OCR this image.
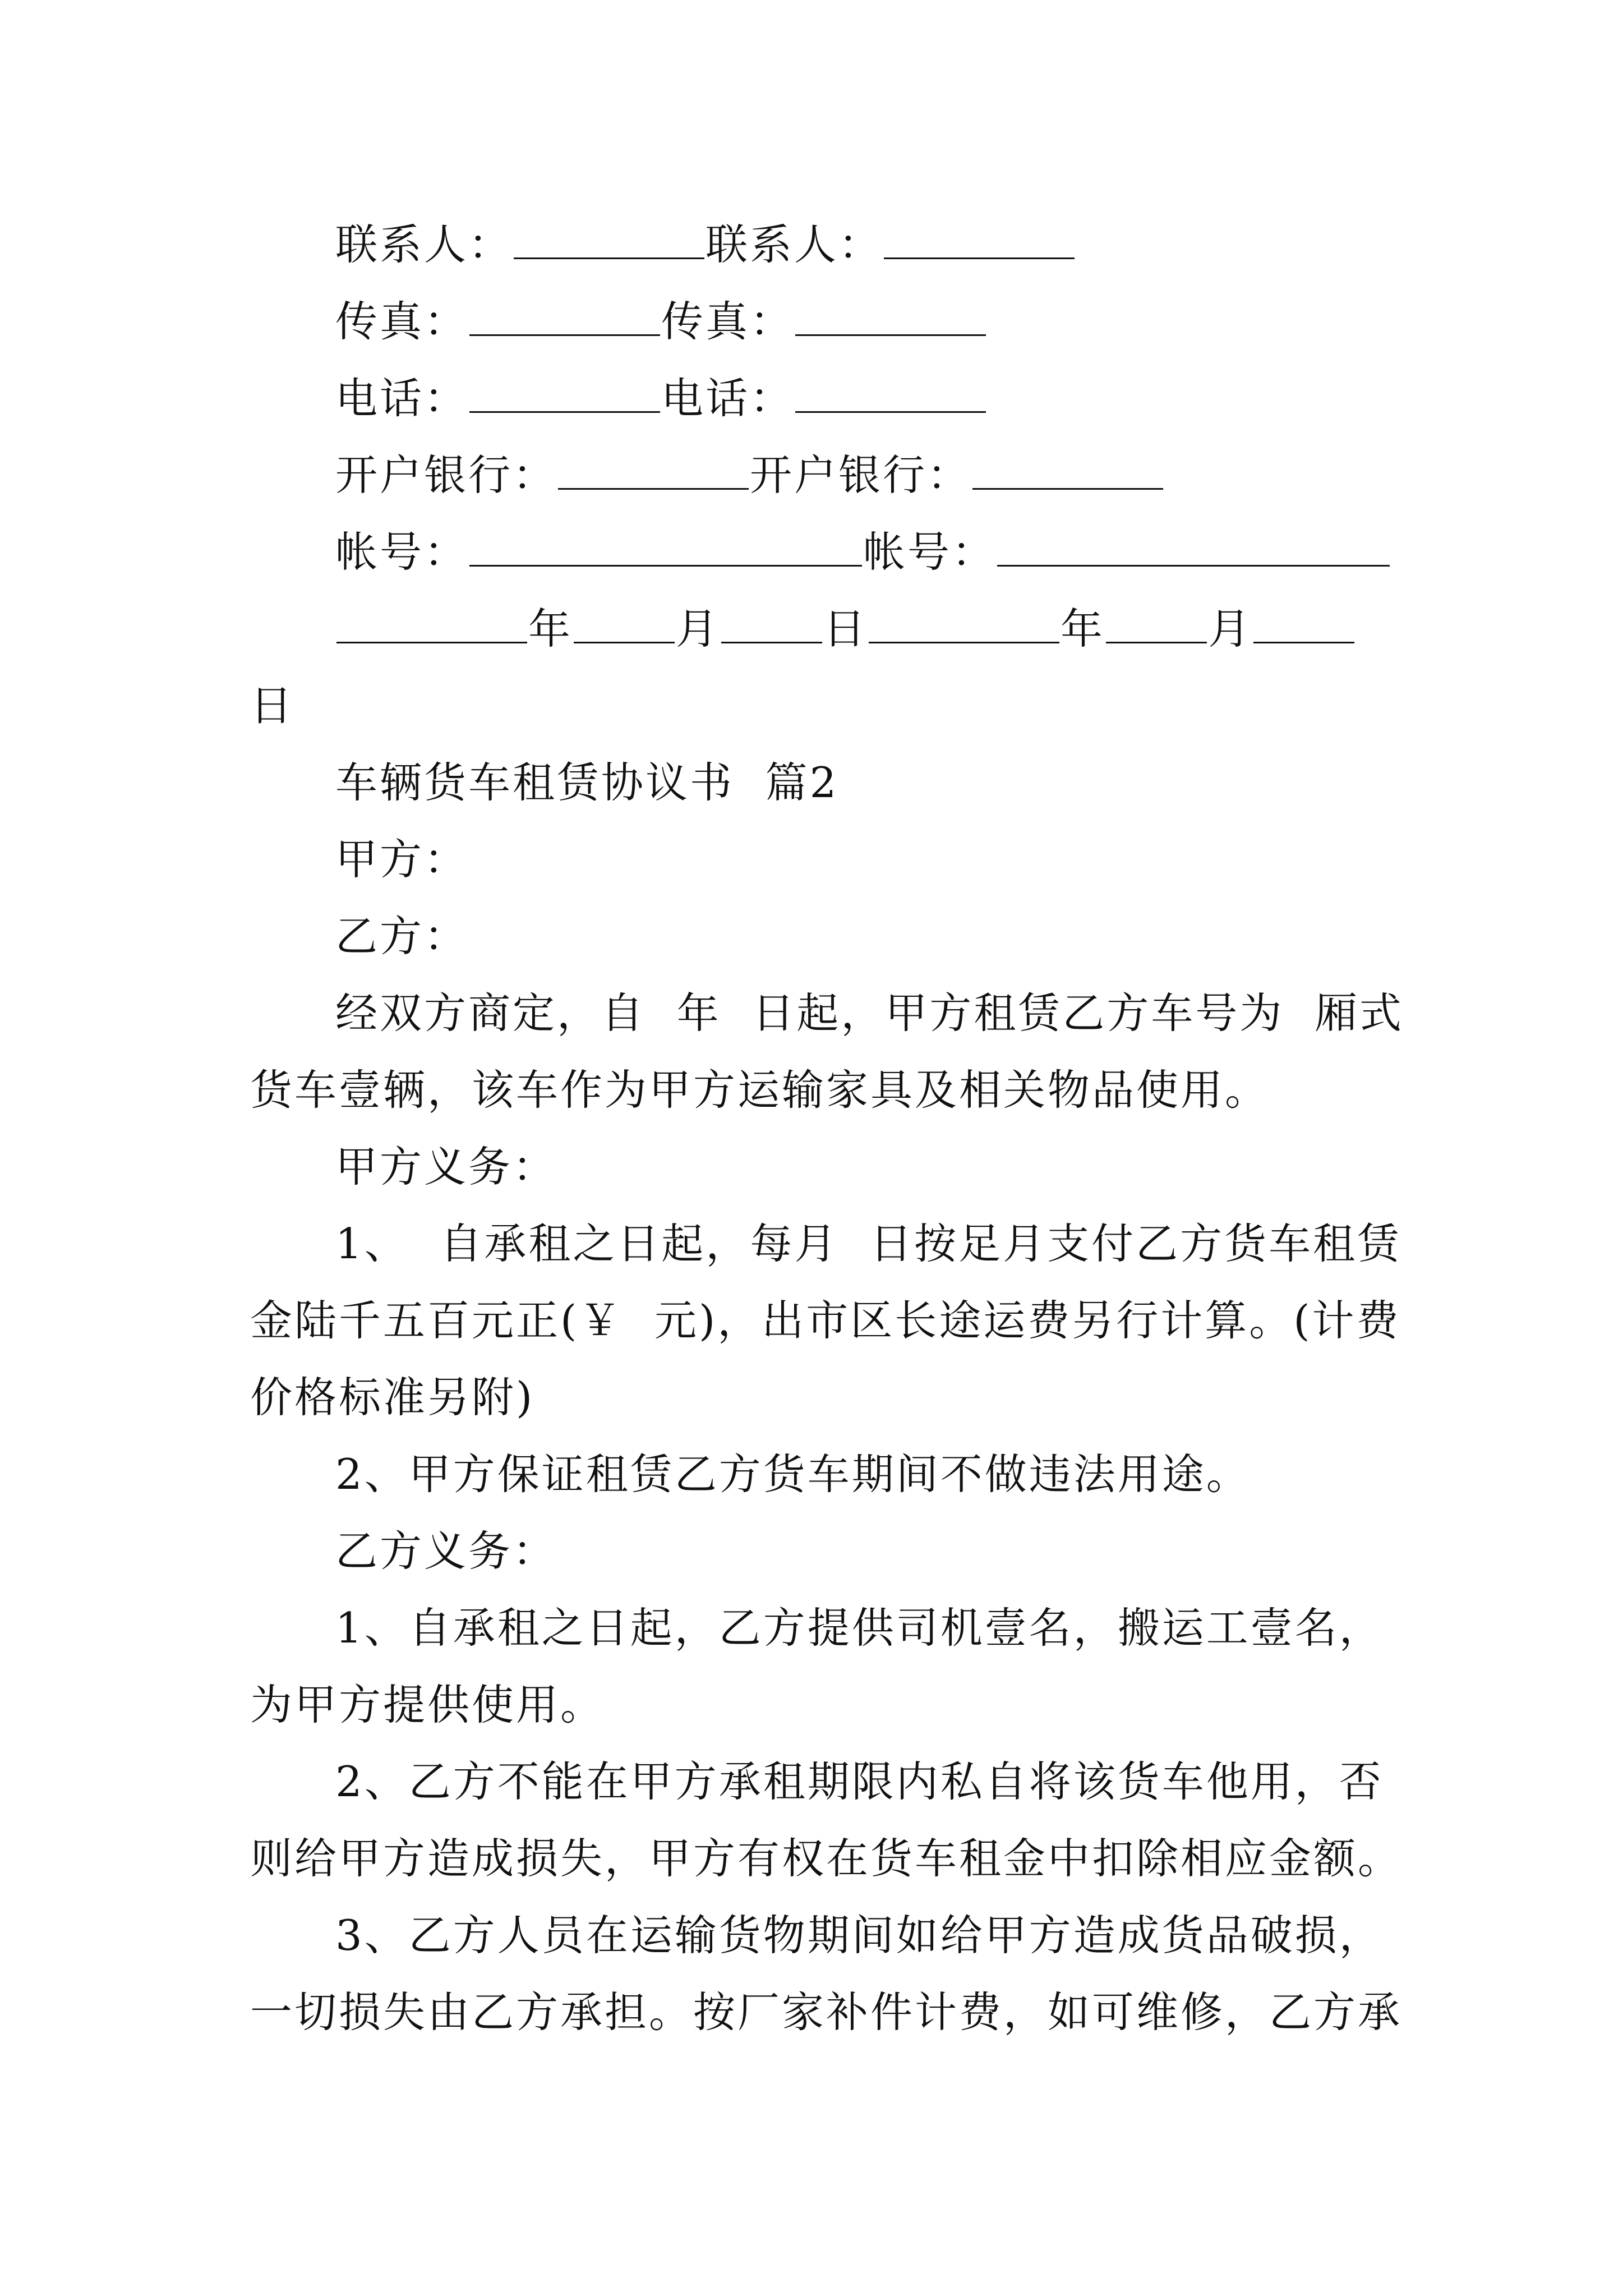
联系人：	联系人：
传真：	传真：
电话：	电话：
开户银行：	开户银行：
帐号：	帐号：
年 月 日	年 月
日
车辆货车租赁协议书  篇2
甲方：
乙方：
经双方商定，自  年  日起，甲方租赁乙方车号为  厢式
货车壹辆，该车作为甲方运输家具及相关物品使用。
甲方义务：
1、  自承租之日起，每月  日按足月支付乙方货车租赁
金陆千五百元正(￥  元)，出市区长途运费另行计算。(计费
价格标准另附)
2、甲方保证租赁乙方货车期间不做违法用途。
乙方义务：
1、自承租之日起，乙方提供司机壹名，搬运工壹名，
为甲方提供使用。
2、乙方不能在甲方承租期限内私自将该货车他用，否
则给甲方造成损失，甲方有权在货车租金中扣除相应金额。
3、乙方人员在运输货物期间如给甲方造成货品破损，
一切损失由乙方承担。按厂家补件计费，如可维修，乙方承
